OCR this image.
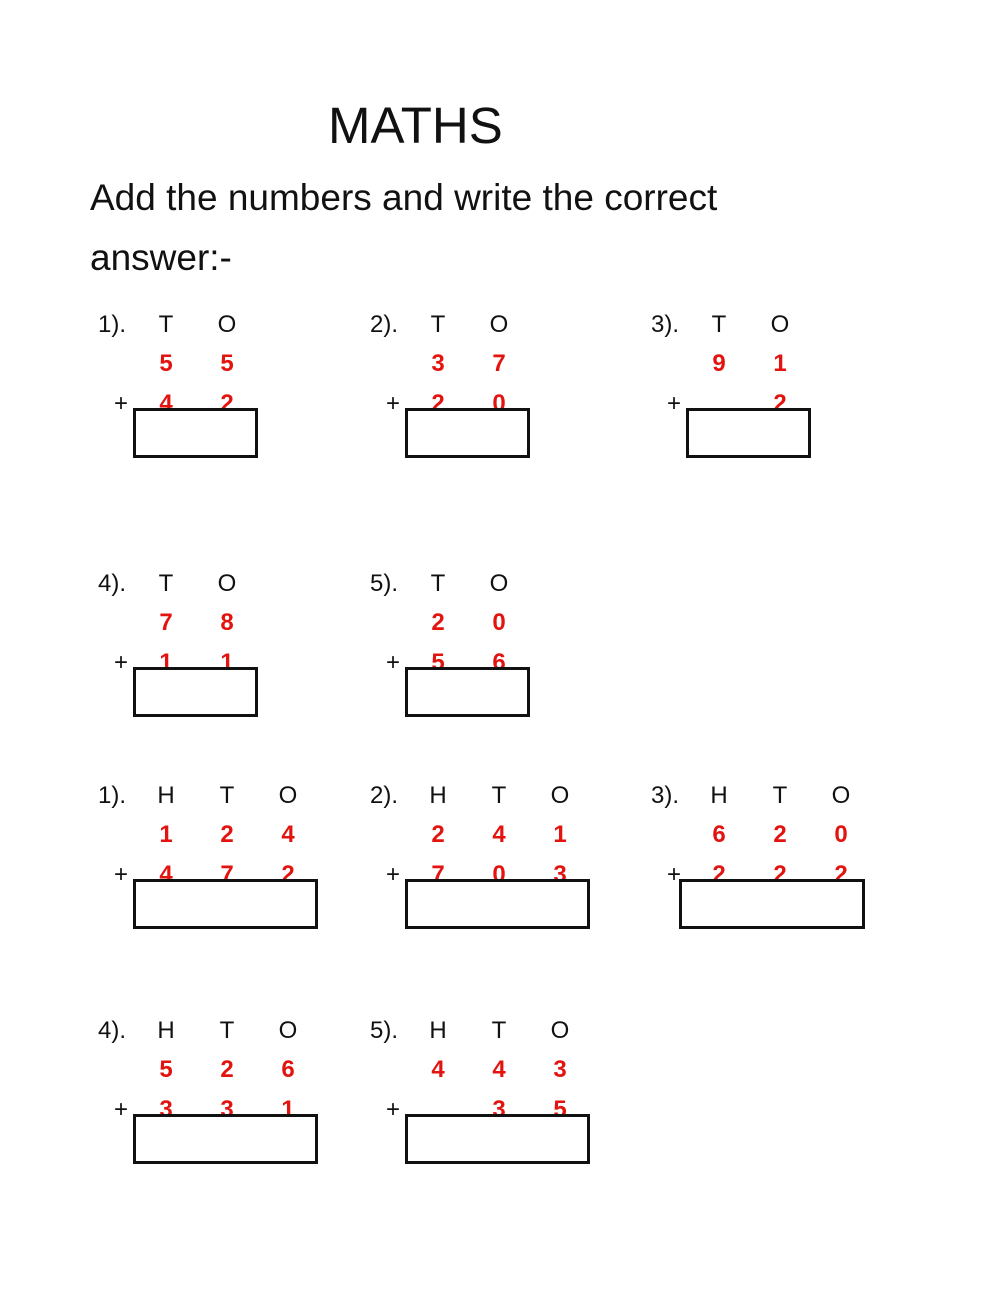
MATHS
Add the numbers and write the correct answer:-
1). T
5
4
O
5
2
+
2). T
3
2
O
7
0
+
3). T
9
O
1
2
+
4). T
7
1
O
8
1
+
5). T
2
5
O
0
6
+
1). H
1
4
T
2
7
O
4
2
+
2). H
2
7
T
4
0
O
1
3
+
3). H
6
2
T
2
2
O
0
2
+
4). H
5
3
T
2
3
O
6
1
+
5). H
4
T
4
3
O
3
5
+
